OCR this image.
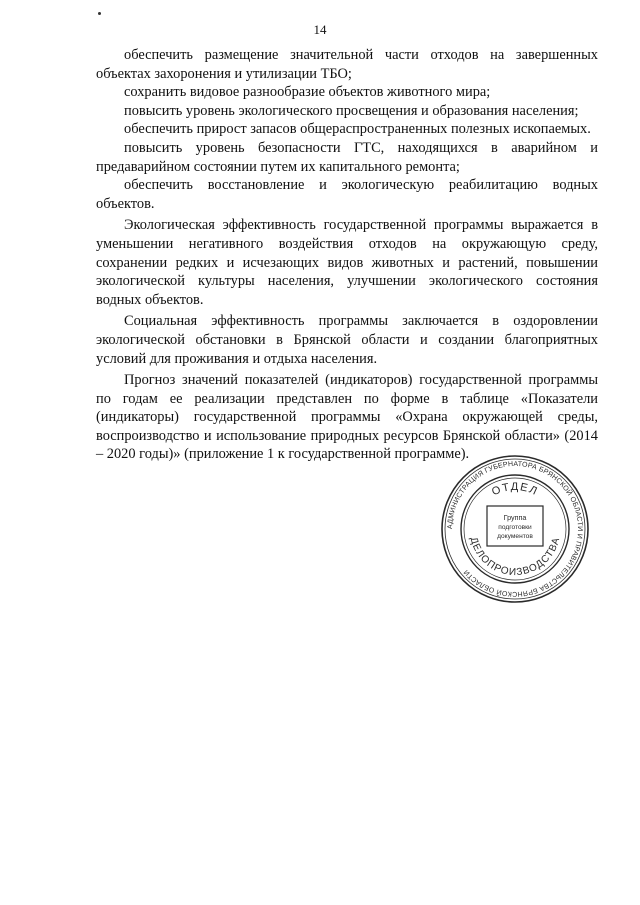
14

обеспечить размещение значительной части отходов на завершенных объектах захоронения и утилизации ТБО;

сохранить видовое разнообразие объектов животного мира;

повысить уровень экологического просвещения и образования населения;

обеспечить прирост запасов общераспространенных полезных ископаемых.

повысить уровень безопасности ГТС, находящихся в аварийном и предаварийном состоянии путем их капитального ремонта;

обеспечить восстановление и экологическую реабилитацию водных объектов.

Экологическая эффективность государственной программы выражается в уменьшении негативного воздействия отходов на окружающую среду, сохранении редких и исчезающих видов животных и растений, повышении экологической культуры населения, улучшении экологического состояния водных объектов.

Социальная эффективность программы заключается в оздоровлении экологической обстановки в Брянской области и создании благоприятных условий для проживания и отдыха населения.

Прогноз значений показателей (индикаторов) государственной программы по годам ее реализации представлен по форме в таблице «Показатели (индикаторы) государственной программы «Охрана окружающей среды, воспроизводство и использование природных ресурсов Брянской области» (2014 – 2020 годы)» (приложение 1 к государственной программе).

АДМИНИСТРАЦИЯ ГУБЕРНАТОРА БРЯНСКОЙ ОБЛАСТИ И ПРАВИТЕЛЬСТВА БРЯНСКОЙ ОБЛАСТИ
ОТДЕЛ
ДЕЛОПРОИЗВОДСТВА
Группа
подготовки
документов
